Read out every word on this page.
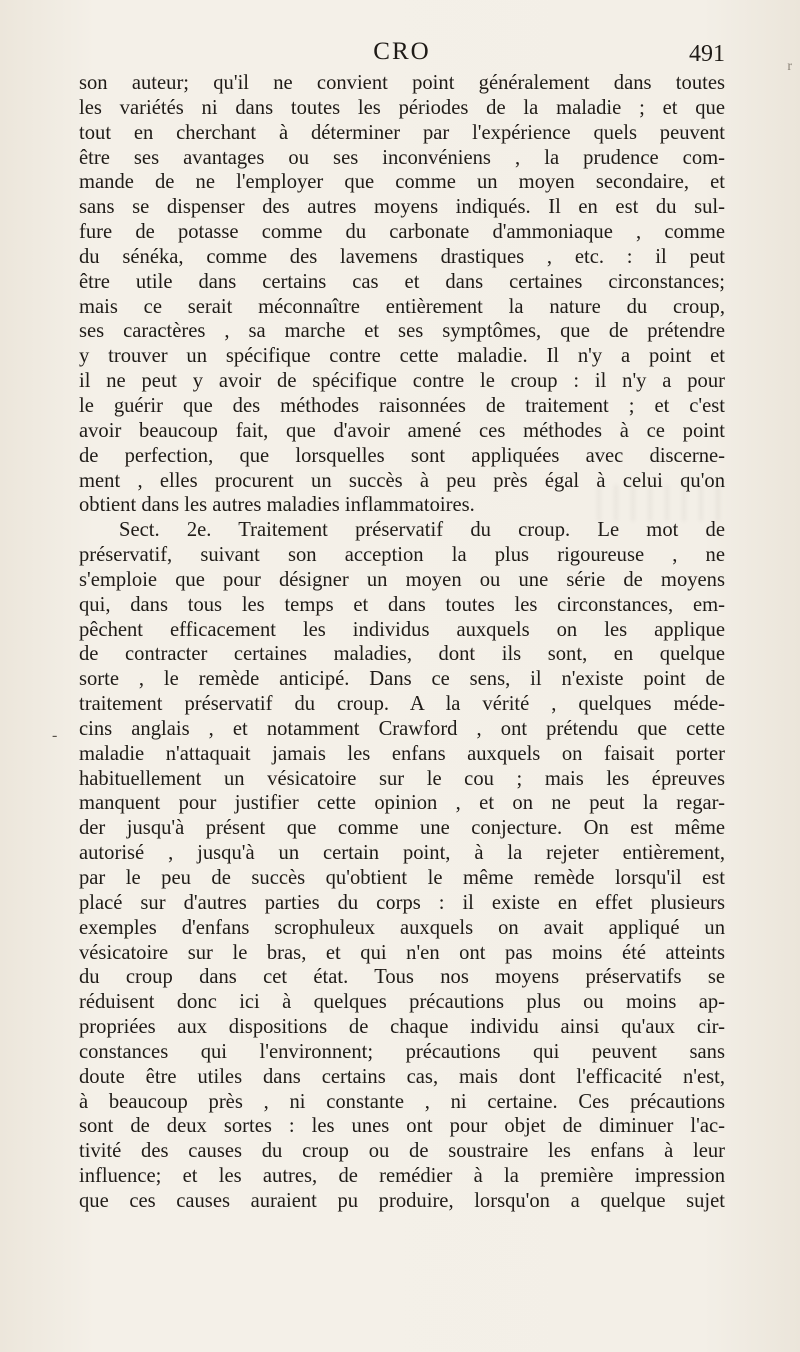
CRO	491	r
-
son auteur; qu'il ne convient point généralement dans toutes
les variétés ni dans toutes les périodes de la maladie ; et que
tout en cherchant à déterminer par l'expérience quels peuvent
être ses avantages ou ses inconvéniens , la prudence com-
mande de ne l'employer que comme un moyen secondaire, et
sans se dispenser des autres moyens indiqués. Il en est du sul-
fure de potasse comme du carbonate d'ammoniaque , comme
du sénéka, comme des lavemens drastiques , etc. : il peut
être utile dans certains cas et dans certaines circonstances;
mais ce serait méconnaître entièrement la nature du croup,
ses caractères , sa marche et ses symptômes, que de prétendre
y trouver un spécifique contre cette maladie. Il n'y a point et
il ne peut y avoir de spécifique contre le croup : il n'y a pour
le guérir que des méthodes raisonnées de traitement ; et c'est
avoir beaucoup fait, que d'avoir amené ces méthodes à ce point
de perfection, que lorsquelles sont appliquées avec discerne-
ment , elles procurent un succès à peu près égal à celui qu'on
obtient dans les autres maladies inflammatoires.
Sect. 2e. Traitement préservatif du croup. Le mot de
préservatif, suivant son acception la plus rigoureuse , ne
s'emploie que pour désigner un moyen ou une série de moyens
qui, dans tous les temps et dans toutes les circonstances, em-
pêchent efficacement les individus auxquels on les applique
de contracter certaines maladies, dont ils sont, en quelque
sorte , le remède anticipé. Dans ce sens, il n'existe point de
traitement préservatif du croup. A la vérité , quelques méde-
cins anglais , et notamment Crawford , ont prétendu que cette
maladie n'attaquait jamais les enfans auxquels on faisait porter
habituellement un vésicatoire sur le cou ; mais les épreuves
manquent pour justifier cette opinion , et on ne peut la regar-
der jusqu'à présent que comme une conjecture. On est même
autorisé , jusqu'à un certain point, à la rejeter entièrement,
par le peu de succès qu'obtient le même remède lorsqu'il est
placé sur d'autres parties du corps : il existe en effet plusieurs
exemples d'enfans scrophuleux auxquels on avait appliqué un
vésicatoire sur le bras, et qui n'en ont pas moins été atteints
du croup dans cet état. Tous nos moyens préservatifs se
réduisent donc ici à quelques précautions plus ou moins ap-
propriées aux dispositions de chaque individu ainsi qu'aux cir-
constances qui l'environnent; précautions qui peuvent sans
doute être utiles dans certains cas, mais dont l'efficacité n'est,
à beaucoup près , ni constante , ni certaine. Ces précautions
sont de deux sortes : les unes ont pour objet de diminuer l'ac-
tivité des causes du croup ou de soustraire les enfans à leur
influence; et les autres, de remédier à la première impression
que ces causes auraient pu produire, lorsqu'on a quelque sujet
